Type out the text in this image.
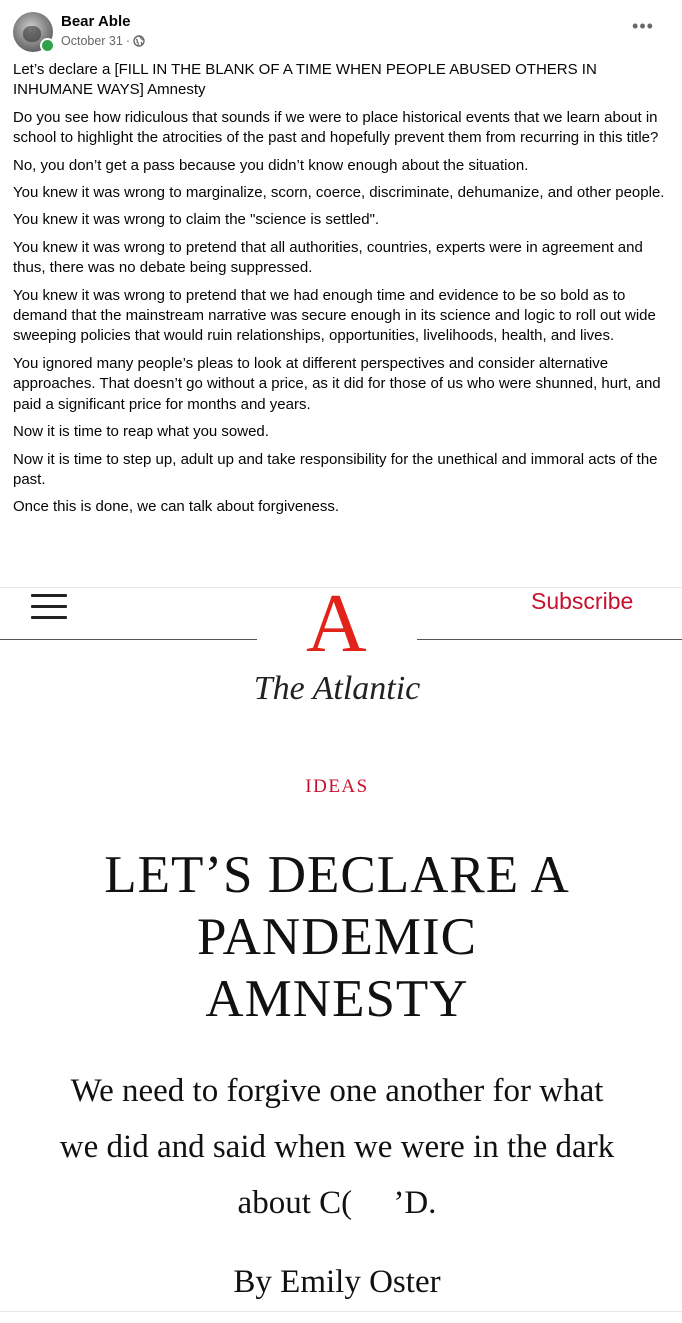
Bear Able
October 31 ·
•••

Let’s declare a [FILL IN THE BLANK OF A TIME WHEN PEOPLE ABUSED OTHERS IN INHUMANE WAYS] Amnesty

Do you see how ridiculous that sounds if we were to place historical events that we learn about in school to highlight the atrocities of the past and hopefully prevent them from recurring in this title?

No, you don’t get a pass because you didn’t know enough about the situation.

You knew it was wrong to marginalize, scorn, coerce, discriminate, dehumanize, and other people.

You knew it was wrong to claim the "science is settled".

You knew it was wrong to pretend that all authorities, countries, experts were in agreement and thus, there was no debate being suppressed.

You knew it was wrong to pretend that we had enough time and evidence to be so bold as to demand that the mainstream narrative was secure enough in its science and logic to roll out wide sweeping policies that would ruin relationships, opportunities, livelihoods, health, and lives.

You ignored many people’s pleas to look at different perspectives and consider alternative approaches. That doesn’t go without a price, as it did for those of us who were shunned, hurt, and paid a significant price for months and years.

Now it is time to reap what you sowed.

Now it is time to step up, adult up and take responsibility for the unethical and immoral acts of the past.

Once this is done, we can talk about forgiveness.

Subscribe
A
The Atlantic
IDEAS
LET’S DECLARE A
PANDEMIC
AMNESTY
We need to forgive one another for what
we did and said when we were in the dark
about C(     ’D.
By Emily Oster
